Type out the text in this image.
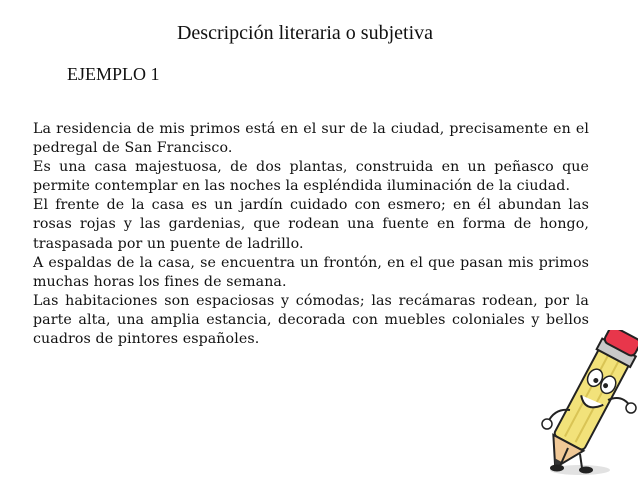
Descripción literaria o subjetiva
EJEMPLO 1

La residencia de mis primos está en el sur de la ciudad, precisamente en el pedregal de San Francisco.

Es una casa majestuosa, de dos plantas, construida en un peñasco que permite contemplar en las noches la espléndida iluminación de la ciudad.

El frente de la casa es un jardín cuidado con esmero; en él abundan las rosas rojas y las gardenias, que rodean una fuente en forma de hongo, traspasada por un puente de ladrillo.

A espaldas de la casa, se encuentra un frontón, en el que pasan mis primos muchas horas los fines de semana.

Las habitaciones son espaciosas y cómodas; las recámaras rodean, por la parte alta, una amplia estancia, decorada con muebles coloniales y bellos cuadros de pintores españoles.
